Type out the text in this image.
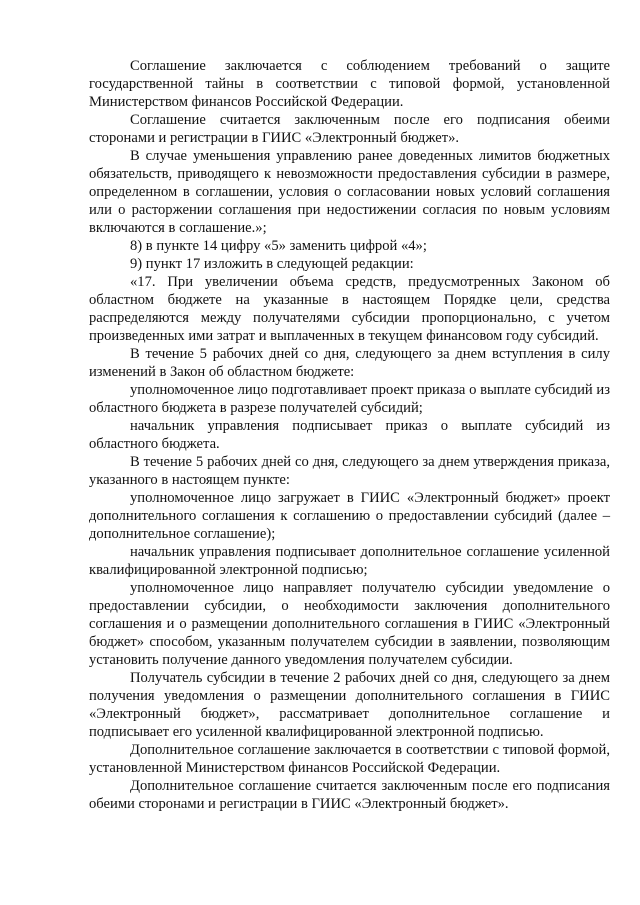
Соглашение заключается с соблюдением требований о защите государственной тайны в соответствии с типовой формой, установленной Министерством финансов Российской Федерации.

Соглашение считается заключенным после его подписания обеими сторонами и регистрации в ГИИС «Электронный бюджет».

В случае уменьшения управлению ранее доведенных лимитов бюджетных обязательств, приводящего к невозможности предоставления субсидии в размере, определенном в соглашении, условия о согласовании новых условий соглашения или о расторжении соглашения при недостижении согласия по новым условиям включаются в соглашение.»;

8) в пункте 14 цифру «5» заменить цифрой «4»;

9) пункт 17 изложить в следующей редакции:

«17. При увеличении объема средств, предусмотренных Законом об областном бюджете на указанные в настоящем Порядке цели, средства распределяются между получателями субсидии пропорционально, с учетом произведенных ими затрат и выплаченных в текущем финансовом году субсидий.

В течение 5 рабочих дней со дня, следующего за днем вступления в силу изменений в Закон об областном бюджете:

уполномоченное лицо подготавливает проект приказа о выплате субсидий из областного бюджета в разрезе получателей субсидий;

начальник управления подписывает приказ о выплате субсидий из областного бюджета.

В течение 5 рабочих дней со дня, следующего за днем утверждения приказа, указанного в настоящем пункте:

уполномоченное лицо загружает в ГИИС «Электронный бюджет» проект дополнительного соглашения к соглашению о предоставлении субсидий (далее – дополнительное соглашение);

начальник управления подписывает дополнительное соглашение усиленной квалифицированной электронной подписью;

уполномоченное лицо направляет получателю субсидии уведомление о предоставлении субсидии, о необходимости заключения дополнительного соглашения и о размещении дополнительного соглашения в ГИИС «Электронный бюджет» способом, указанным получателем субсидии в заявлении, позволяющим установить получение данного уведомления получателем субсидии.

Получатель субсидии в течение 2 рабочих дней со дня, следующего за днем получения уведомления о размещении дополнительного соглашения в ГИИС «Электронный бюджет», рассматривает дополнительное соглашение и подписывает его усиленной квалифицированной электронной подписью.

Дополнительное соглашение заключается в соответствии с типовой формой, установленной Министерством финансов Российской Федерации.

Дополнительное соглашение считается заключенным после его подписания обеими сторонами и регистрации в ГИИС «Электронный бюджет».
